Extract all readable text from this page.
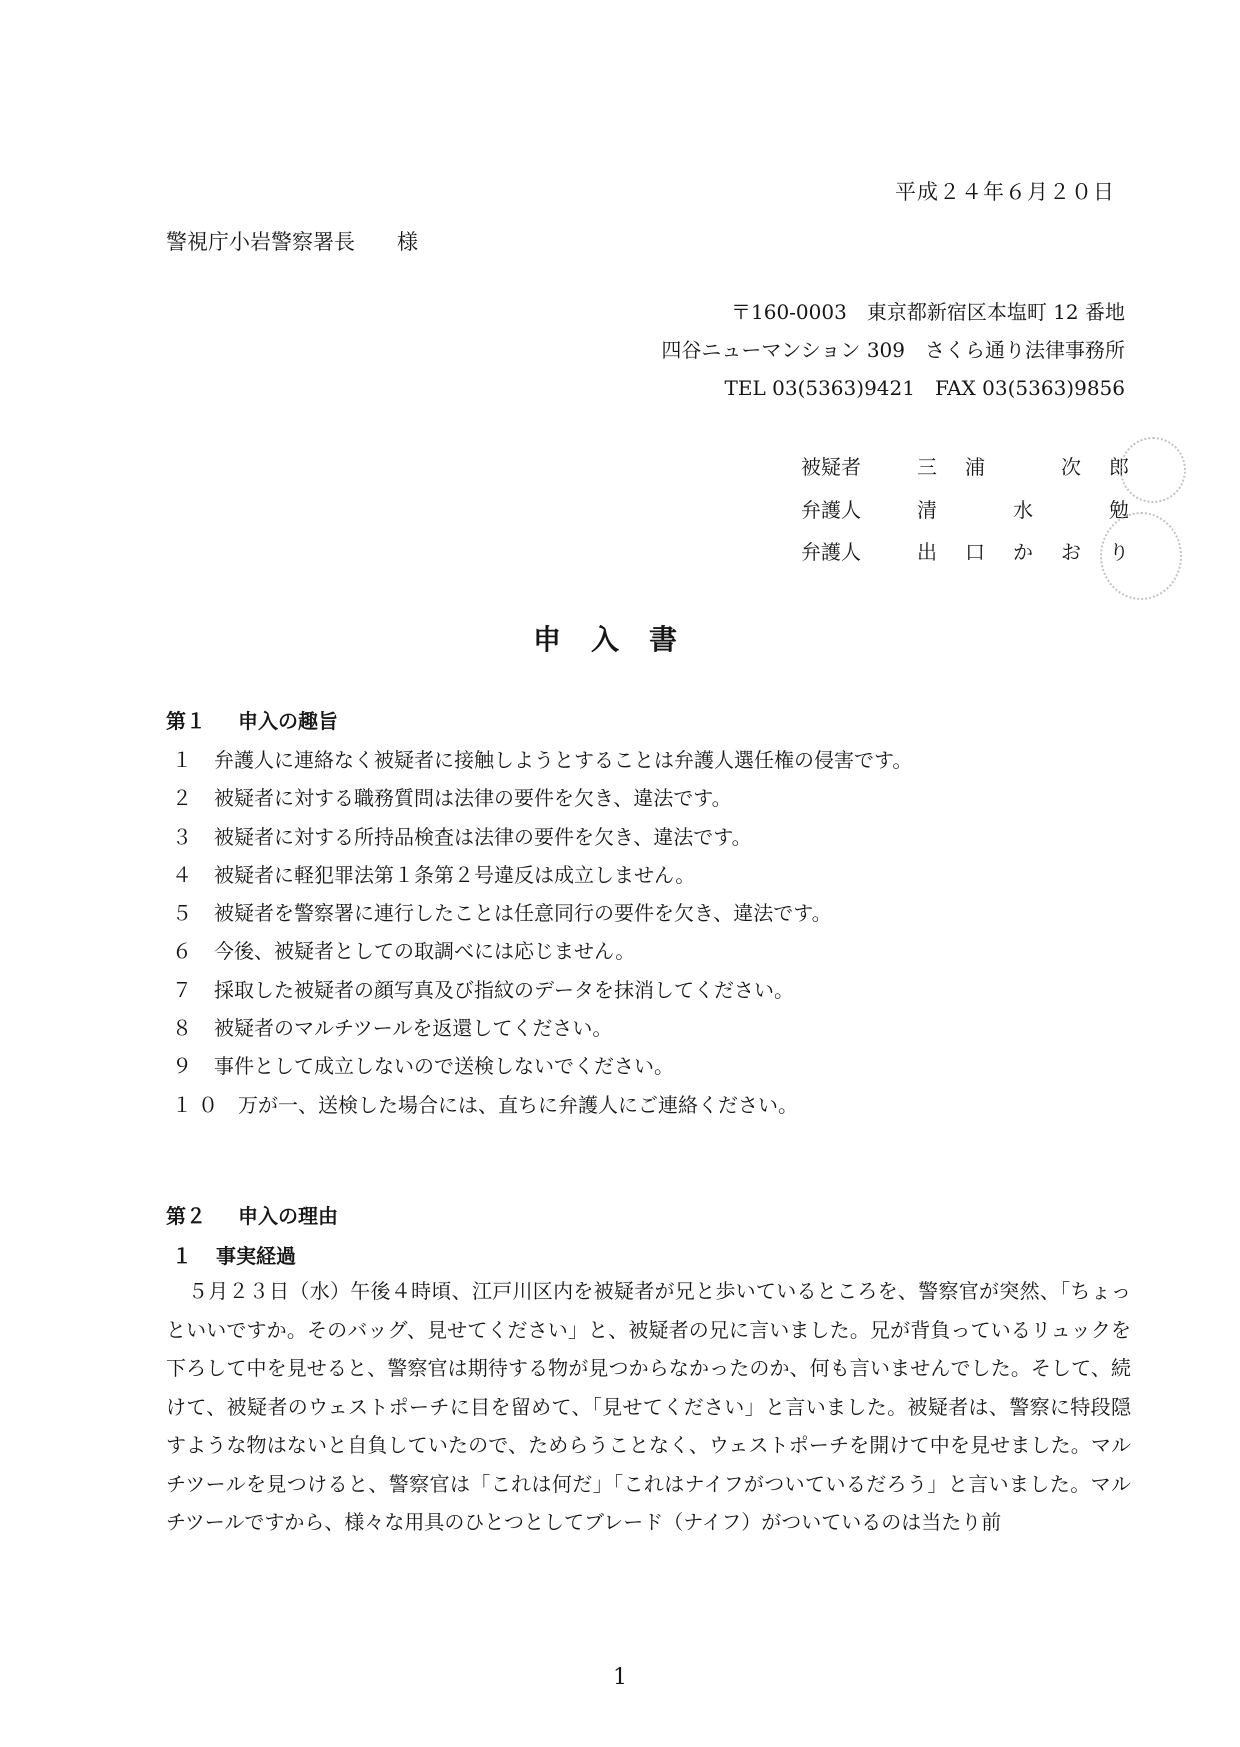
平成２４年６月２０日
警視庁小岩警察署長 様
〒160-0003　東京都新宿区本塩町 12 番地
四谷ニューマンション 309　さくら通り法律事務所
TEL 03(5363)9421　FAX 03(5363)9856
被疑者	三浦　次郎
弁護人	清　水　勉
弁護人	出口かおり
申入書
第１ 申入の趣旨
１ 弁護人に連絡なく被疑者に接触しようとすることは弁護人選任権の侵害です。
２ 被疑者に対する職務質問は法律の要件を欠き、違法です。
３ 被疑者に対する所持品検査は法律の要件を欠き、違法です。
４ 被疑者に軽犯罪法第１条第２号違反は成立しません。
５ 被疑者を警察署に連行したことは任意同行の要件を欠き、違法です。
６ 今後、被疑者としての取調べには応じません。
７ 採取した被疑者の顔写真及び指紋のデータを抹消してください。
８ 被疑者のマルチツールを返還してください。
９ 事件として成立しないので送検しないでください。
１０ 万が一、送検した場合には、直ちに弁護人にご連絡ください。
第２ 申入の理由
１ 事実経過

５月２３日（水）午後４時頃、江戸川区内を被疑者が兄と歩いているところを、警察官が突然、「ちょっといいですか。そのバッグ、見せてください」と、被疑者の兄に言いました。兄が背負っているリュックを下ろして中を見せると、警察官は期待する物が見つからなかったのか、何も言いませんでした。そして、続けて、被疑者のウェストポーチに目を留めて、「見せてください」と言いました。被疑者は、警察に特段隠すような物はないと自負していたので、ためらうことなく、ウェストポーチを開けて中を見せました。マルチツールを見つけると、警察官は「これは何だ」「これはナイフがついているだろう」と言いました。マルチツールですから、様々な用具のひとつとしてブレード（ナイフ）がついているのは当たり前

1
